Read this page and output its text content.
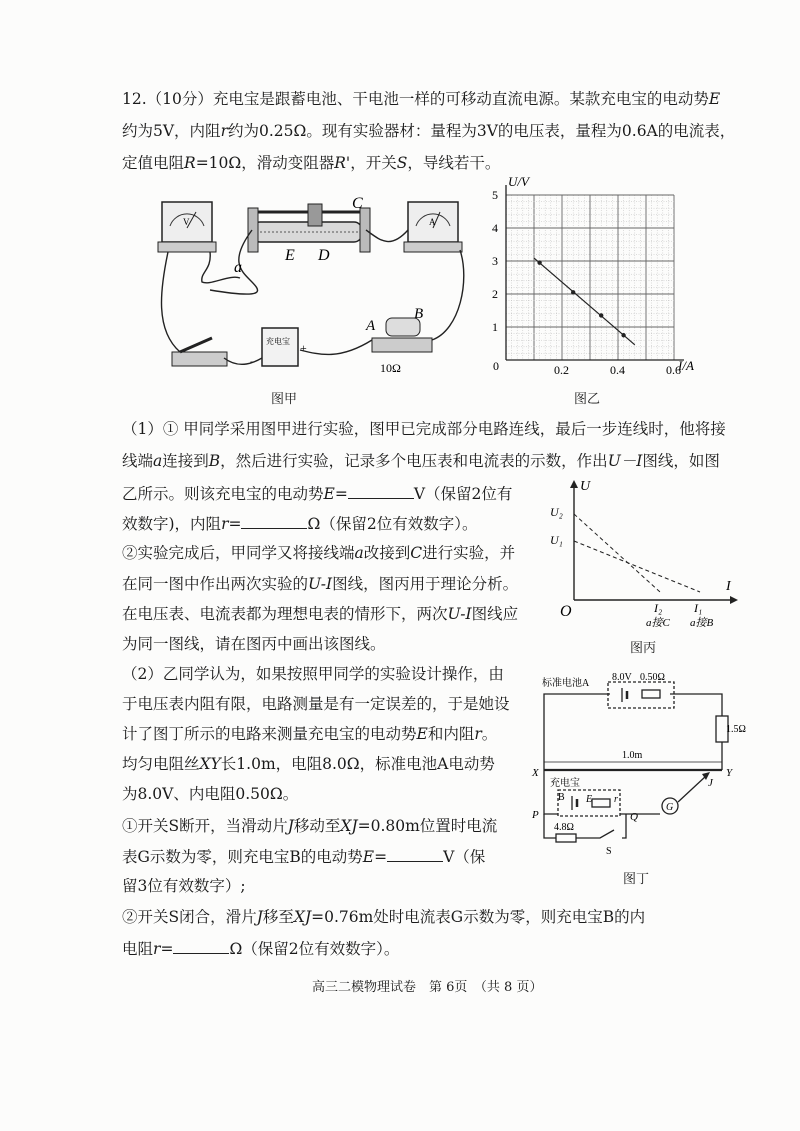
12.（10分）充电宝是跟蓄电池、干电池一样的可移动直流电源。某款充电宝的电动势E
约为5V，内阻r约为0.25Ω。现有实验器材：量程为3V的电压表，量程为0.6A的电流表，
定值电阻R=10Ω，滑动变阻器R'，开关S，导线若干。
V	A
充电宝
-
+
a
C
E D
A
B
10Ω
图甲
1
2
3
4
5
0.2	0.4	0.6
U/V
I/A
0
图乙
（1）① 甲同学采用图甲进行实验，图甲已完成部分电路连线，最后一步连线时，他将接
线端a连接到B，然后进行实验，记录多个电压表和电流表的示数，作出U－I图线，如图
乙所示。则该充电宝的电动势E=	V（保留2位有
效数字)，内阻r=	Ω（保留2位有效数字）。
②实验完成后，甲同学又将接线端a改接到C进行实验，并
在同一图中作出两次实验的U-I图线，图丙用于理论分析。
在电压表、电流表都为理想电表的情形下，两次U-I图线应
为同一图线，请在图丙中画出该图线。
U
I
O
U₂
U₁
I₂	I₁
a接C a接B
图丙
（2）乙同学认为，如果按照甲同学的实验设计操作，由
于电压表内阻有限，电路测量是有一定误差的，于是她设
计了图丁所示的电路来测量充电宝的电动势E和内阻r。
均匀电阻丝XY长1.0m，电阻8.0Ω，标准电池A电动势
为8.0V、内电阻0.50Ω。
①开关S断开，当滑动片J移动至XJ=0.80m位置时电流
表G示数为零，则充电宝B的电动势E=	V（保
留3位有效数字）;
②开关S闭合，滑片J移至XJ=0.76m处时电流表G示数为零，则充电宝B的内
电阻r=	Ω（保留2位有效数字）。
标准电池A
8.0V 0.50Ω
1.5Ω
1.0m
X	Y
J
充电宝
B E r
P	Q
G
4.8Ω
S
图丁
高三二模物理试卷　第 6页　（共 8 页）
